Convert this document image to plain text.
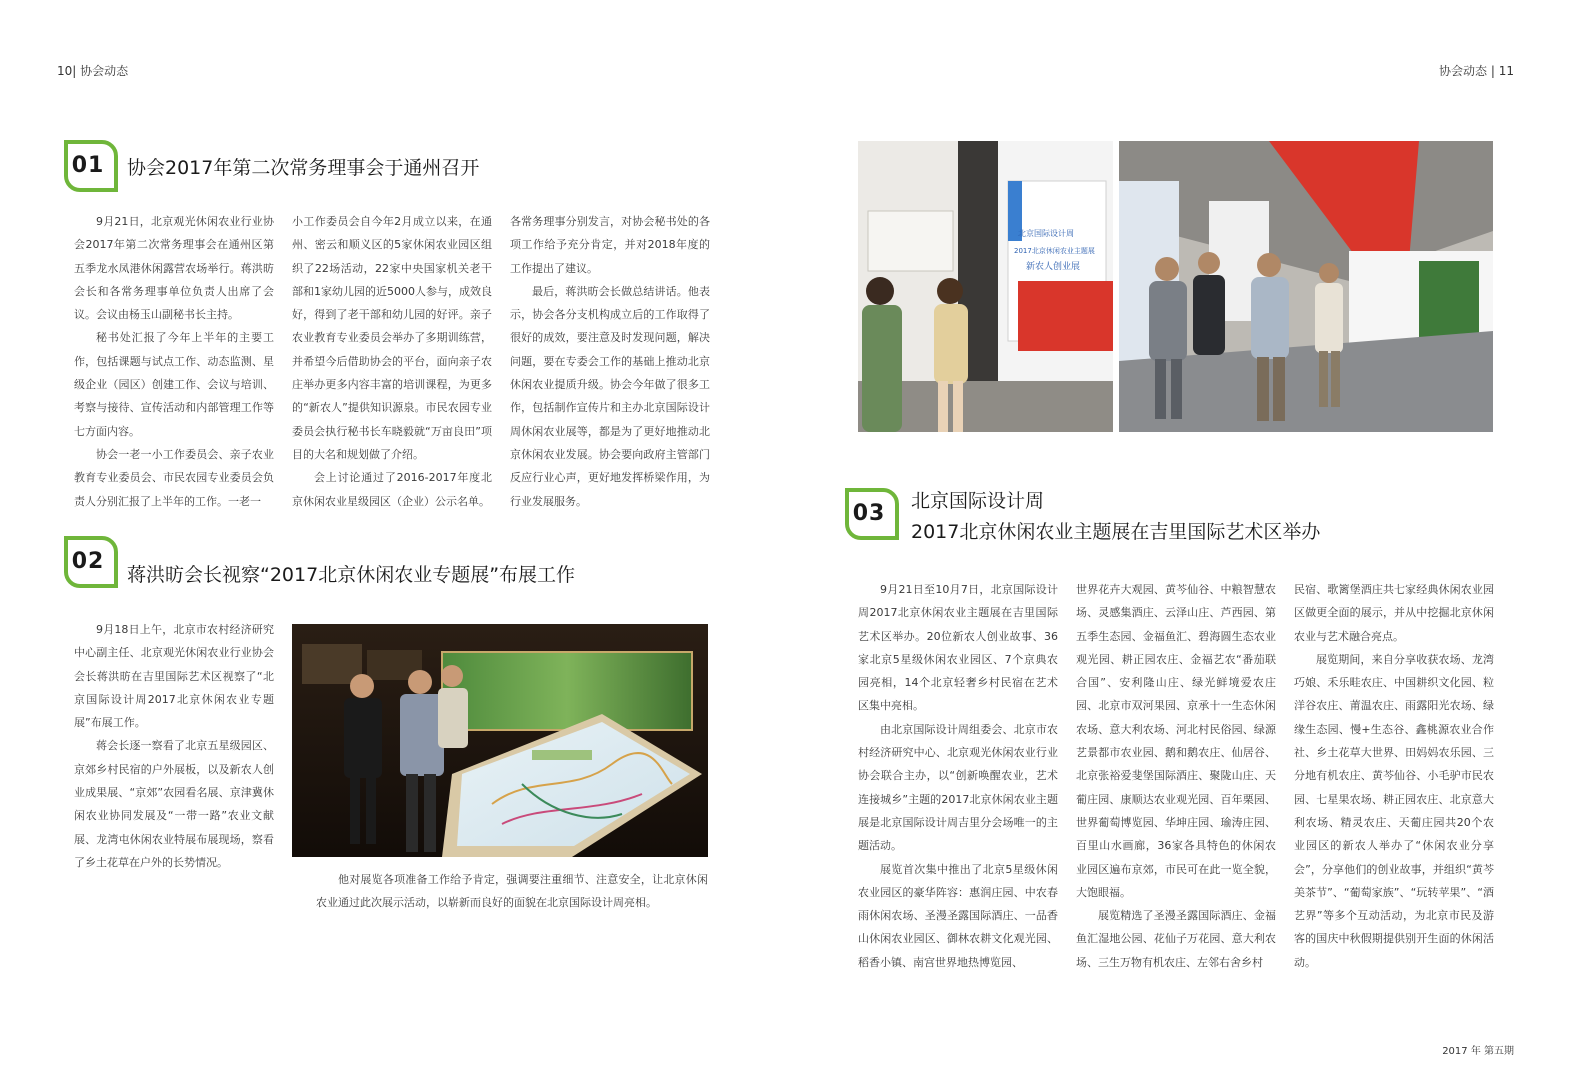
10| 协会动态	协会动态 | 11
2017 年 第五期
01	协会2017年第二次常务理事会于通州召开

9月21日，北京观光休闲农业行业协会2017年第二次常务理事会在通州区第五季龙水凤港休闲露营农场举行。蒋洪昉会长和各常务理事单位负责人出席了会议。会议由杨玉山副秘书长主持。

秘书处汇报了今年上半年的主要工作，包括课题与试点工作、动态监测、星级企业（园区）创建工作、会议与培训、考察与接待、宣传活动和内部管理工作等七方面内容。

协会一老一小工作委员会、亲子农业教育专业委员会、市民农园专业委员会负责人分别汇报了上半年的工作。一老一

小工作委员会自今年2月成立以来，在通州、密云和顺义区的5家休闲农业园区组织了22场活动，22家中央国家机关老干部和1家幼儿园的近5000人参与，成效良好，得到了老干部和幼儿园的好评。亲子农业教育专业委员会举办了多期训练营，并希望今后借助协会的平台，面向亲子农庄举办更多内容丰富的培训课程，为更多的“新农人”提供知识源泉。市民农园专业委员会执行秘书长车晓毅就“万亩良田”项目的大名和规划做了介绍。

会上讨论通过了2016-2017年度北京休闲农业星级园区（企业）公示名单。

各常务理事分别发言，对协会秘书处的各项工作给予充分肯定，并对2018年度的工作提出了建议。

最后，蒋洪昉会长做总结讲话。他表示，协会各分支机构成立后的工作取得了很好的成效，要注意及时发现问题，解决问题，要在专委会工作的基础上推动北京休闲农业提质升级。协会今年做了很多工作，包括制作宣传片和主办北京国际设计周休闲农业展等，都是为了更好地推动北京休闲农业发展。协会要向政府主管部门反应行业心声，更好地发挥桥梁作用，为行业发展服务。

02
蒋洪昉会长视察“2017北京休闲农业专题展”布展工作

9月18日上午，北京市农村经济研究中心副主任、北京观光休闲农业行业协会会长蒋洪昉在吉里国际艺术区视察了“北京国际设计周2017北京休闲农业专题展”布展工作。

蒋会长逐一察看了北京五星级园区、京郊乡村民宿的户外展板，以及新农人创业成果展、“京郊”农园看名展、京津冀休闲农业协同发展及“一带一路”农业文献展、龙湾屯休闲农业特展布展现场，察看了乡土花草在户外的长势情况。

他对展览各项准备工作给予肯定，强调要注重细节、注意安全，让北京休闲农业通过此次展示活动，以崭新而良好的面貌在北京国际设计周亮相。
北京国际设计周
2017北京休闲农业主题展
新农人创业展
03	北京国际设计周
2017北京休闲农业主题展在吉里国际艺术区举办

9月21日至10月7日，北京国际设计周2017北京休闲农业主题展在吉里国际艺术区举办。20位新农人创业故事、36家北京5星级休闲农业园区、7个京典农园亮相，14个北京轻奢乡村民宿在艺术区集中亮相。

由北京国际设计周组委会、北京市农村经济研究中心、北京观光休闲农业行业协会联合主办，以“创新唤醒农业，艺术连接城乡”主题的2017北京休闲农业主题展是北京国际设计周吉里分会场唯一的主题活动。

展览首次集中推出了北京5星级休闲农业园区的豪华阵容：惠润庄园、中农春雨休闲农场、圣漫圣露国际酒庄、一品香山休闲农业园区、御林农耕文化观光园、稻香小镇、南宫世界地热博览园、

世界花卉大观园、黄芩仙谷、中粮智慧农场、灵感集酒庄、云泽山庄、芦西园、第五季生态园、金福鱼汇、碧海圆生态农业观光园、耕正园农庄、金福艺农“番茄联合国”、安利隆山庄、绿光鲜境爱农庄园、北京市双河果园、京承十一生态休闲农场、意大利农场、河北村民俗园、绿源艺景都市农业园、鹅和鹅农庄、仙居谷、北京张裕爱斐堡国际酒庄、聚陇山庄、天葡庄园、康顺达农业观光园、百年栗园、世界葡萄博览园、华坤庄园、瑜涛庄园、百里山水画廊，36家各具特色的休闲农业园区遍布京郊，市民可在此一览全貌，大饱眼福。

展览精选了圣漫圣露国际酒庄、金福鱼汇湿地公园、花仙子万花园、意大利农场、三生万物有机农庄、左邻右舍乡村

民宿、歌篱堡酒庄共七家经典休闲农业园区做更全面的展示，并从中挖掘北京休闲农业与艺术融合亮点。

展览期间，来自分享收获农场、龙湾巧娘、禾乐畦农庄、中国耕织文化园、粒洋谷农庄、莆温农庄、雨露阳光农场、绿缘生态园、慢+生态谷、鑫桃源农业合作社、乡土花草大世界、田妈妈农乐园、三分地有机农庄、黄芩仙谷、小毛驴市民农园、七星果农场、耕正园农庄、北京意大利农场、精灵农庄、天葡庄园共20个农业园区的新农人举办了“休闲农业分享会”，分享他们的创业故事，并组织“黄芩美茶节”、“葡萄家族”、“玩转苹果”、“酒艺界”等多个互动活动，为北京市民及游客的国庆中秋假期提供别开生面的休闲活动。
